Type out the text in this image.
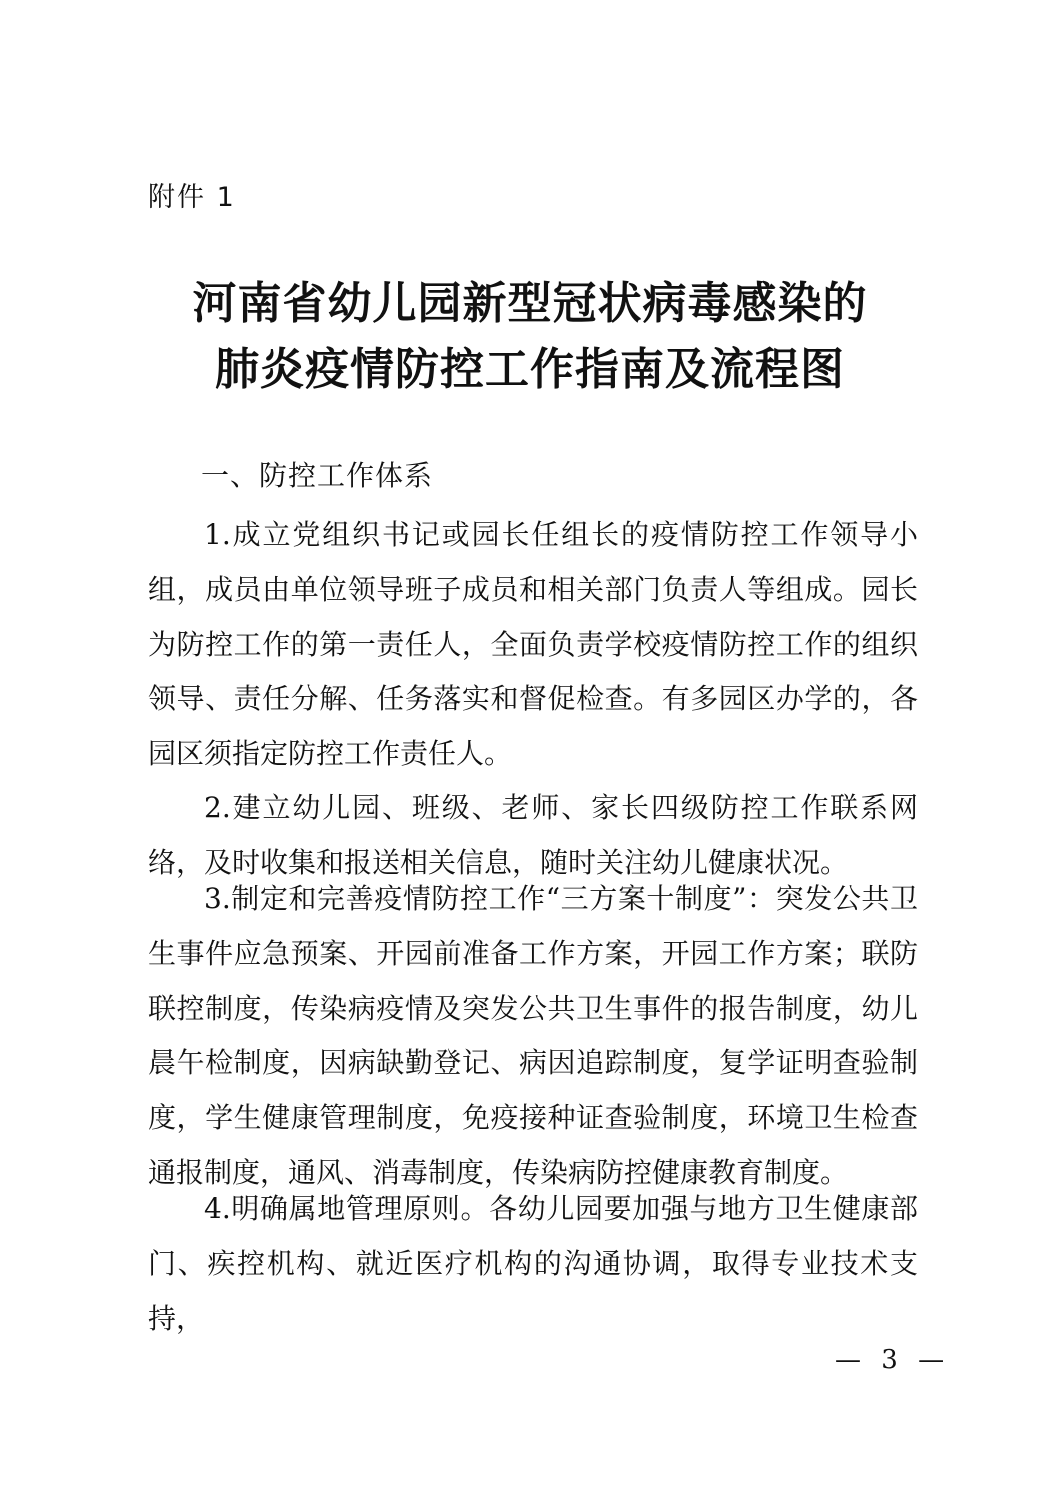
附件 1
河南省幼儿园新型冠状病毒感染的
肺炎疫情防控工作指南及流程图
一、防控工作体系

1.成立党组织书记或园长任组长的疫情防控工作领导小组，成员由单位领导班子成员和相关部门负责人等组成。园长为防控工作的第一责任人，全面负责学校疫情防控工作的组织领导、责任分解、任务落实和督促检查。有多园区办学的，各园区须指定防控工作责任人。

2.建立幼儿园、班级、老师、家长四级防控工作联系网络，及时收集和报送相关信息，随时关注幼儿健康状况。

3.制定和完善疫情防控工作“三方案十制度”：突发公共卫生事件应急预案、开园前准备工作方案，开园工作方案；联防联控制度，传染病疫情及突发公共卫生事件的报告制度，幼儿晨午检制度，因病缺勤登记、病因追踪制度，复学证明查验制度，学生健康管理制度，免疫接种证查验制度，环境卫生检查通报制度，通风、消毒制度，传染病防控健康教育制度。

4.明确属地管理原则。各幼儿园要加强与地方卫生健康部门、疾控机构、就近医疗机构的沟通协调，取得专业技术支持，

— 3 —
